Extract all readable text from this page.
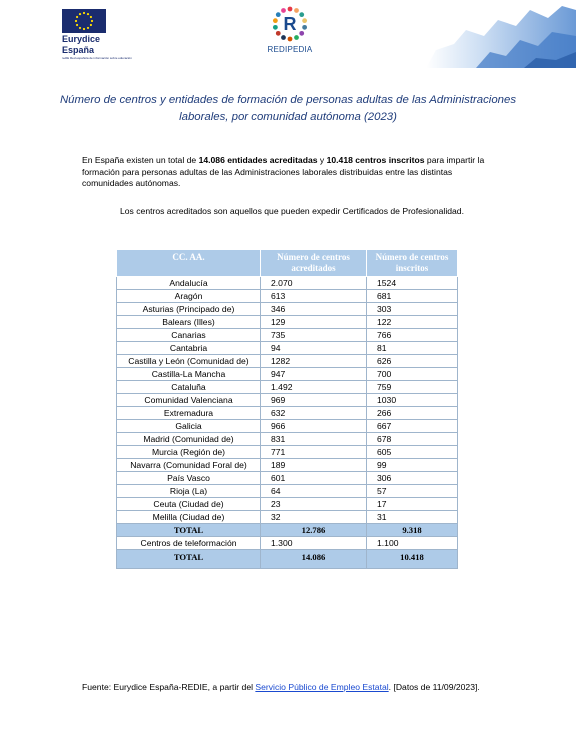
Eurydice
España
redIE Red española de información sobre educación
R
REDIPEDIA
Número de centros y entidades de formación de personas adultas de las Administraciones laborales, por comunidad autónoma (2023)
En España existen un total de 14.086 entidades acreditadas y 10.418 centros inscritos para impartir la formación para personas adultas de las Administraciones laborales distribuidas entre las distintas comunidades autónomas.
Los centros acreditados son aquellos que pueden expedir Certificados de Profesionalidad.
CC. AA.	Número de centros acreditados	Número de centros inscritos
Andalucía	2.070	1524
Aragón	613	681
Asturias (Principado de)	346	303
Balears (Illes)	129	122
Canarias	735	766
Cantabria	94	81
Castilla y León (Comunidad de)	1282	626
Castilla-La Mancha	947	700
Cataluña	1.492	759
Comunidad Valenciana	969	1030
Extremadura	632	266
Galicia	966	667
Madrid (Comunidad de)	831	678
Murcia (Región de)	771	605
Navarra (Comunidad Foral de)	189	99
País Vasco	601	306
Rioja (La)	64	57
Ceuta (Ciudad de)	23	17
Melilla (Ciudad de)	32	31
TOTAL	12.786	9.318
Centros de teleformación	1.300	1.100
TOTAL	14.086	10.418
Fuente: Eurydice España-REDIE, a partir del Servicio Público de Empleo Estatal. [Datos de 11/09/2023].
